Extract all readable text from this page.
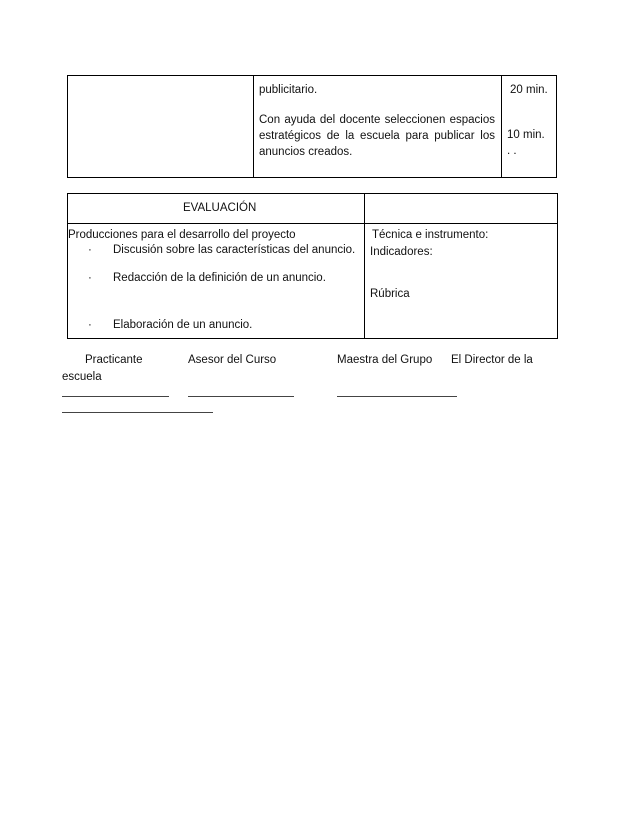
publicitario.
Con ayuda del docente seleccionen espacios estratégicos de la escuela para publicar los anuncios creados.
20 min.
10 min.
. .
EVALUACIÓN
Producciones para el desarrollo del proyecto
· Discusión sobre las características del anuncio.
· Redacción de la definición de un anuncio.
· Elaboración de un anuncio.
Técnica e instrumento:
Indicadores:
Rúbrica
Practicante	Asesor del Curso	Maestra del Grupo El Director de la
escuela
